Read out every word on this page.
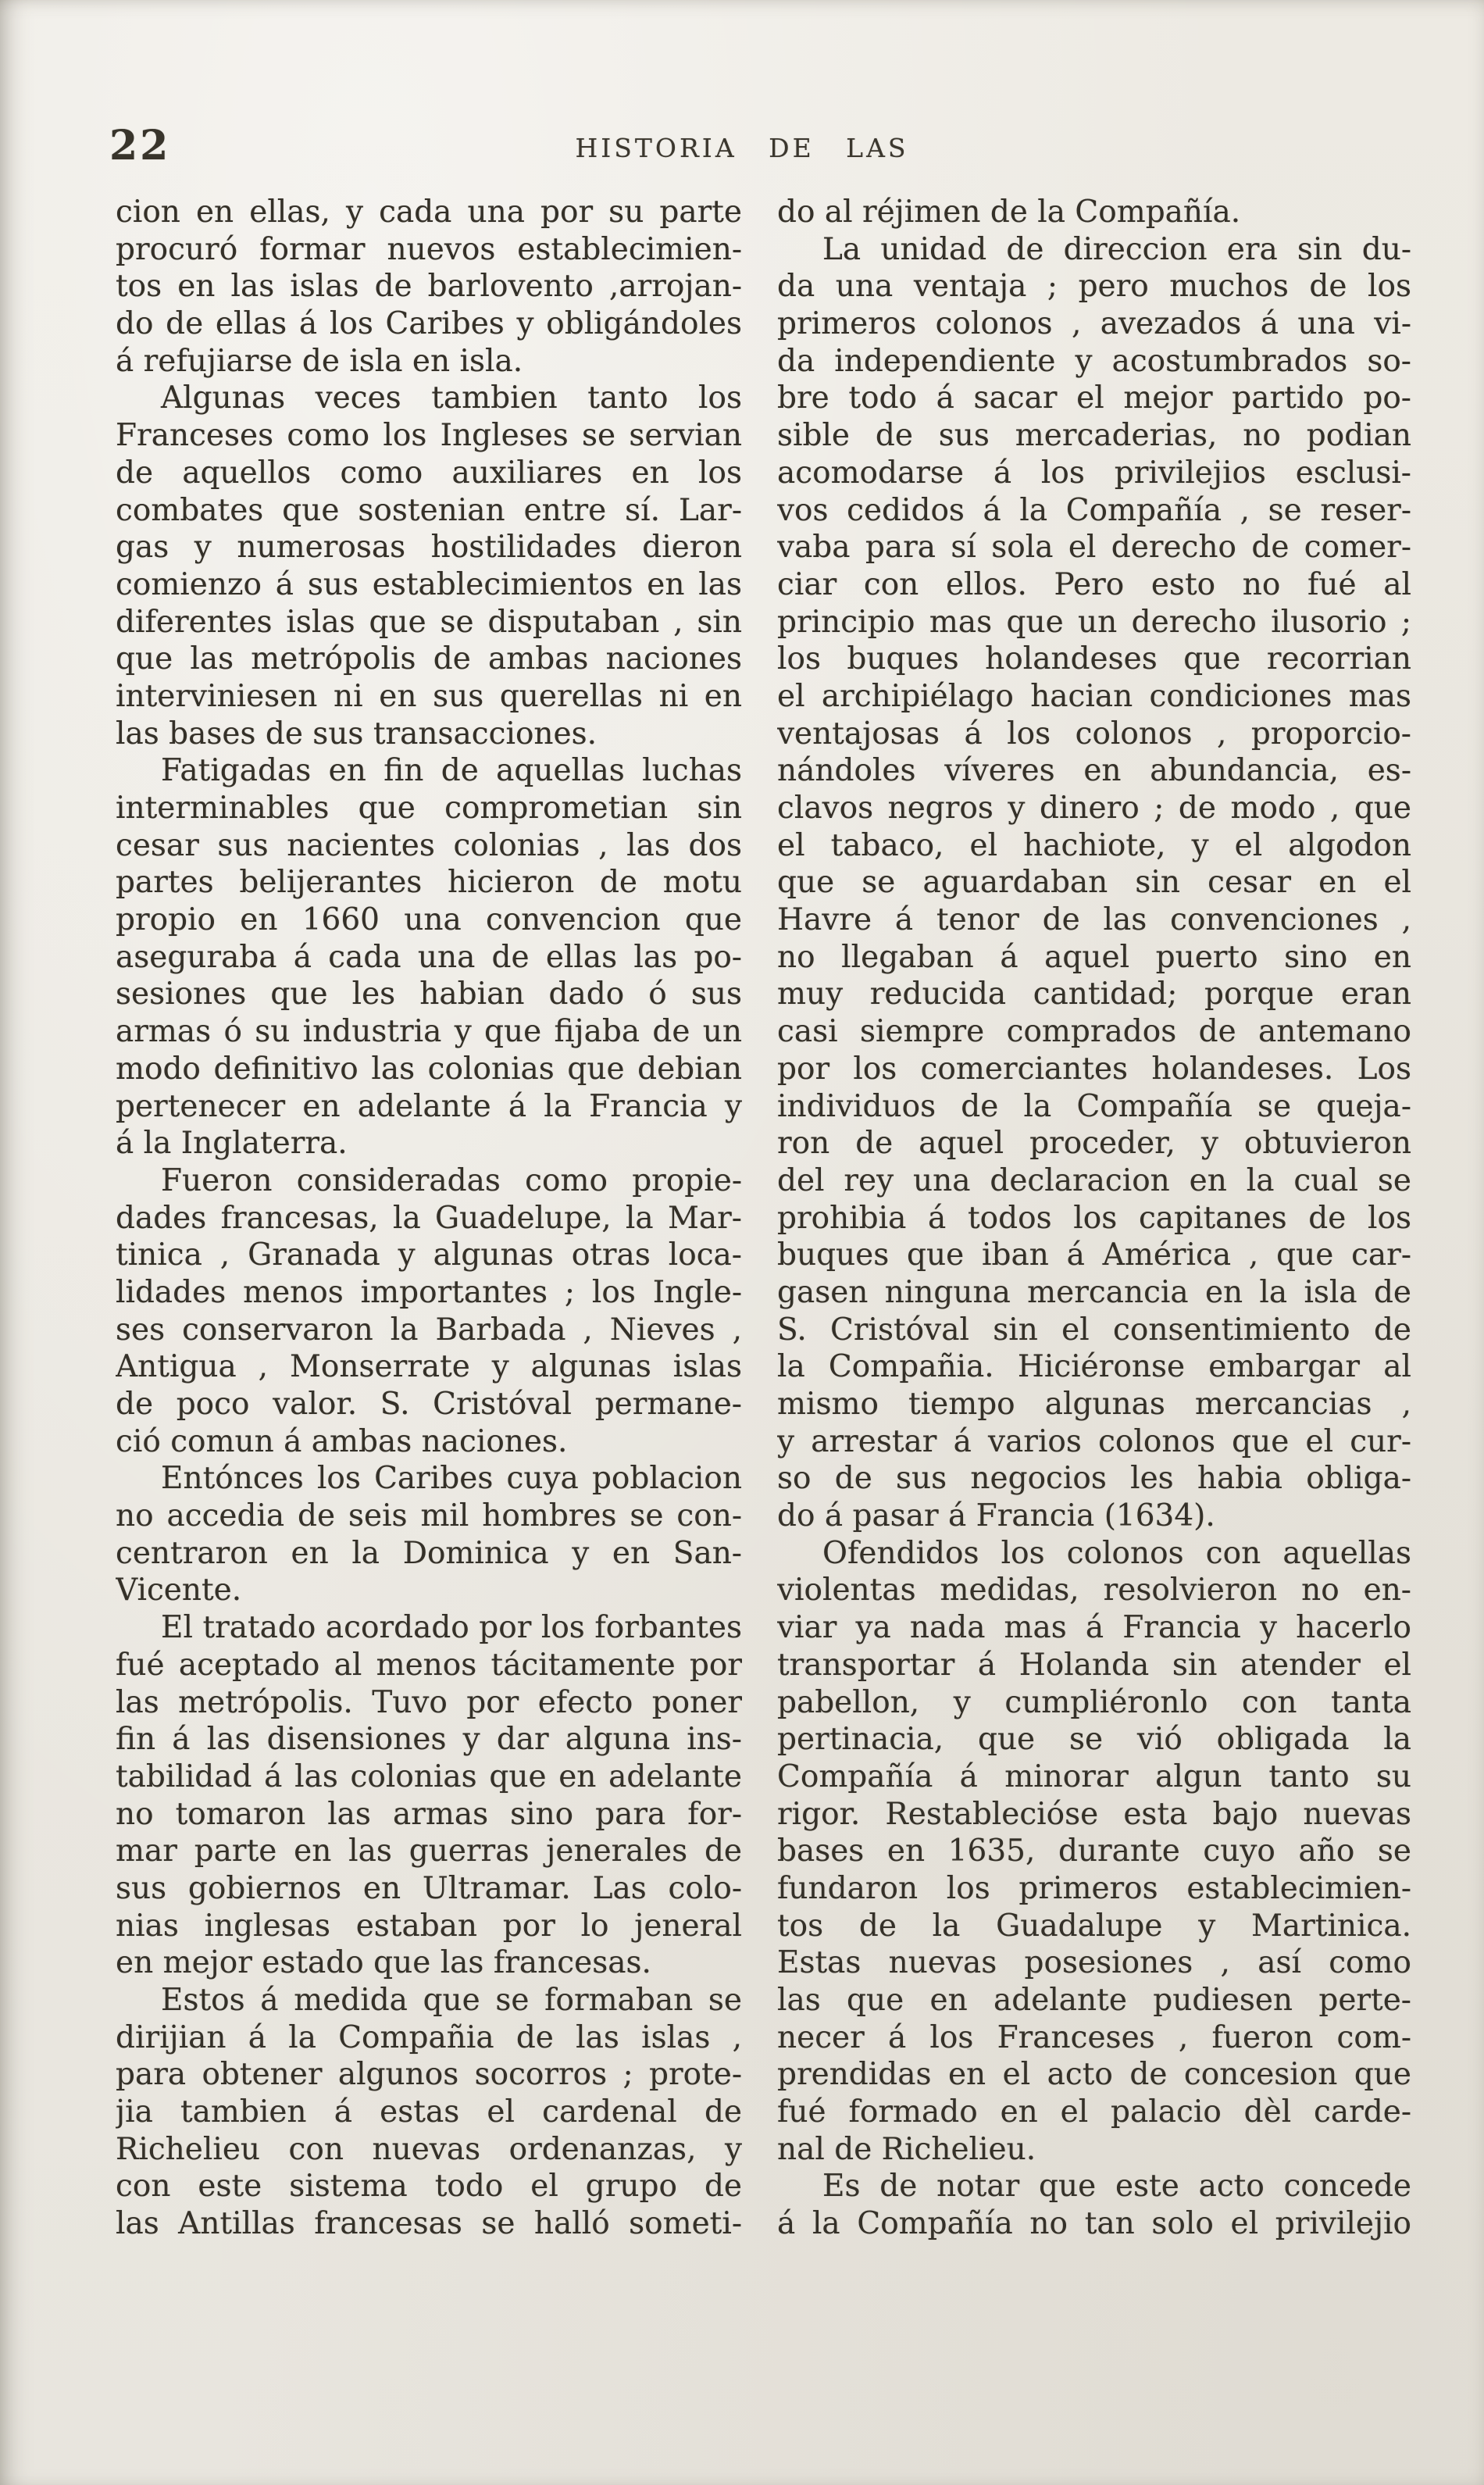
22	HISTORIA DE LAS
cion en ellas, y cada una por su parte
procuró formar nuevos establecimien-
tos en las islas de barlovento ,arrojan-
do de ellas á los Caribes y obligándoles
á refujiarse de isla en isla.
Algunas veces tambien tanto los
Franceses como los Ingleses se servian
de aquellos como auxiliares en los
combates que sostenian entre sí. Lar-
gas y numerosas hostilidades dieron
comienzo á sus establecimientos en las
diferentes islas que se disputaban , sin
que las metrópolis de ambas naciones
interviniesen ni en sus querellas ni en
las bases de sus transacciones.
Fatigadas en fin de aquellas luchas
interminables que comprometian sin
cesar sus nacientes colonias , las dos
partes belijerantes hicieron de motu
propio en 1660 una convencion que
aseguraba á cada una de ellas las po-
sesiones que les habian dado ó sus
armas ó su industria y que fijaba de un
modo definitivo las colonias que debian
pertenecer en adelante á la Francia y
á la Inglaterra.
Fueron consideradas como propie-
dades francesas, la Guadelupe, la Mar-
tinica , Granada y algunas otras loca-
lidades menos importantes ; los Ingle-
ses conservaron la Barbada , Nieves ,
Antigua , Monserrate y algunas islas
de poco valor. S. Cristóval permane-
ció comun á ambas naciones.
Entónces los Caribes cuya poblacion
no accedia de seis mil hombres se con-
centraron en la Dominica y en San-
Vicente.
El tratado acordado por los forbantes
fué aceptado al menos tácitamente por
las metrópolis. Tuvo por efecto poner
fin á las disensiones y dar alguna ins-
tabilidad á las colonias que en adelante
no tomaron las armas sino para for-
mar parte en las guerras jenerales de
sus gobiernos en Ultramar. Las colo-
nias inglesas estaban por lo jeneral
en mejor estado que las francesas.
Estos á medida que se formaban se
dirijian á la Compañia de las islas ,
para obtener algunos socorros ; prote-
jia tambien á estas el cardenal de
Richelieu con nuevas ordenanzas, y
con este sistema todo el grupo de
las Antillas francesas se halló someti-
do al réjimen de la Compañía.
La unidad de direccion era sin du-
da una ventaja ; pero muchos de los
primeros colonos , avezados á una vi-
da independiente y acostumbrados so-
bre todo á sacar el mejor partido po-
sible de sus mercaderias, no podian
acomodarse á los privilejios esclusi-
vos cedidos á la Compañía , se reser-
vaba para sí sola el derecho de comer-
ciar con ellos. Pero esto no fué al
principio mas que un derecho ilusorio ;
los buques holandeses que recorrian
el archipiélago hacian condiciones mas
ventajosas á los colonos , proporcio-
nándoles víveres en abundancia, es-
clavos negros y dinero ; de modo , que
el tabaco, el hachiote, y el algodon
que se aguardaban sin cesar en el
Havre á tenor de las convenciones ,
no llegaban á aquel puerto sino en
muy reducida cantidad; porque eran
casi siempre comprados de antemano
por los comerciantes holandeses. Los
individuos de la Compañía se queja-
ron de aquel proceder, y obtuvieron
del rey una declaracion en la cual se
prohibia á todos los capitanes de los
buques que iban á América , que car-
gasen ninguna mercancia en la isla de
S. Cristóval sin el consentimiento de
la Compañia. Hiciéronse embargar al
mismo tiempo algunas mercancias ,
y arrestar á varios colonos que el cur-
so de sus negocios les habia obliga-
do á pasar á Francia (1634).
Ofendidos los colonos con aquellas
violentas medidas, resolvieron no en-
viar ya nada mas á Francia y hacerlo
transportar á Holanda sin atender el
pabellon, y cumpliéronlo con tanta
pertinacia, que se vió obligada la
Compañía á minorar algun tanto su
rigor. Restablecióse esta bajo nuevas
bases en 1635, durante cuyo año se
fundaron los primeros establecimien-
tos de la Guadalupe y Martinica.
Estas nuevas posesiones , así como
las que en adelante pudiesen perte-
necer á los Franceses , fueron com-
prendidas en el acto de concesion que
fué formado en el palacio dèl carde-
nal de Richelieu.
Es de notar que este acto concede
á la Compañía no tan solo el privilejio
